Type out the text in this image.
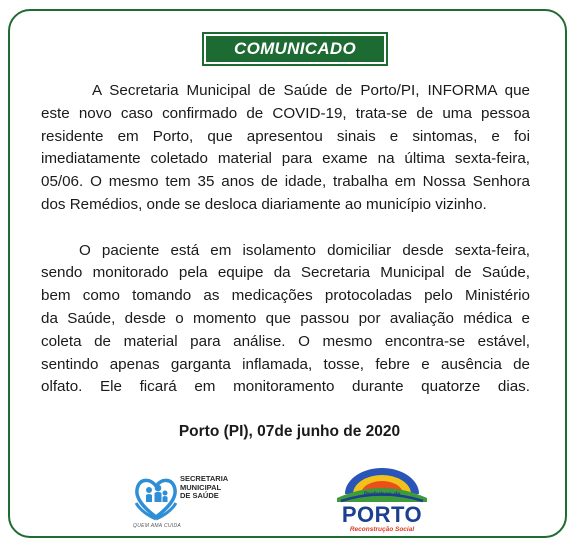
COMUNICADO
A Secretaria Municipal de Saúde de Porto/PI, INFORMA que
este novo caso confirmado de COVID-19, trata-se de uma pessoa
residente em Porto, que apresentou sinais e sintomas, e foi
imediatamente coletado material para exame na última sexta-feira,
05/06. O mesmo tem 35 anos de idade, trabalha em Nossa Senhora
dos Remédios, onde se desloca diariamente ao município vizinho.
O paciente está em isolamento domiciliar desde sexta-feira,
sendo monitorado pela equipe da Secretaria Municipal de Saúde,
bem como tomando as medicações protocoladas pelo Ministério
da Saúde, desde o momento que passou por avaliação médica e
coleta de material para análise. O mesmo encontra-se estável,
sentindo apenas garganta inflamada, tosse, febre e ausência de
olfato. Ele ficará em monitoramento durante quatorze dias.
Porto (PI), 07de junho de 2020
SECRETARIA
MUNICIPAL
DE SAÚDE
QUEM AMA CUIDA
Prefeitura de
PORTO
Reconstrução Social
